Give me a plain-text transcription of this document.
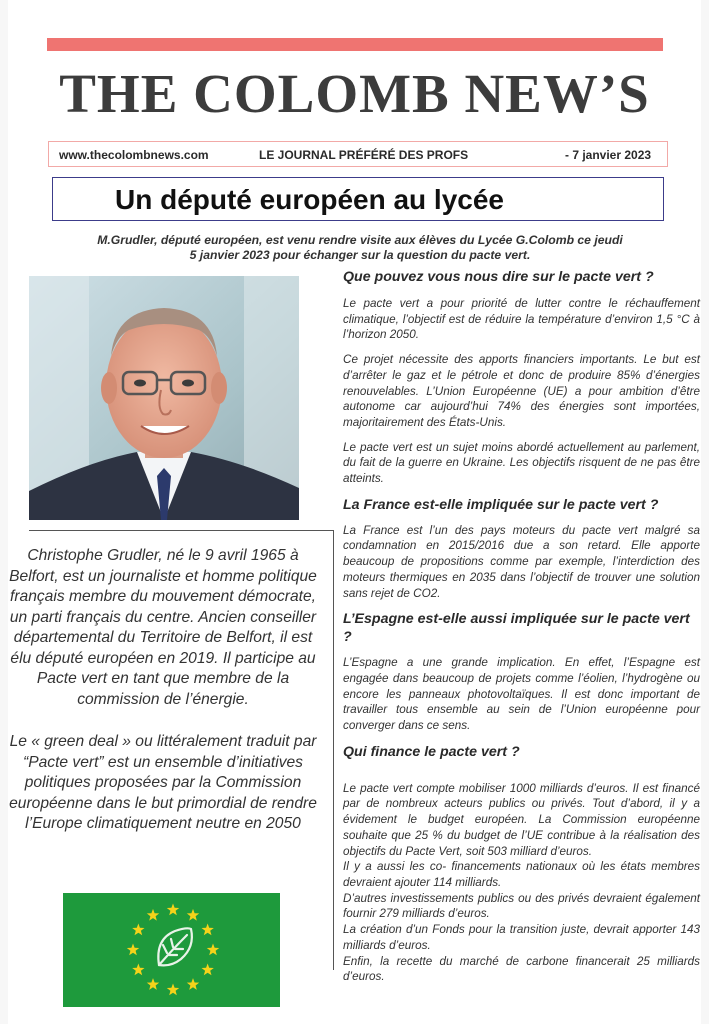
THE COLOMB NEW’S
www.thecolombnews.com	LE JOURNAL PRÉFÉRÉ DES PROFS	- 7 janvier 2023
Un député européen au lycée
M.Grudler, député européen, est venu rendre visite aux élèves du Lycée G.Colomb ce jeudi
5 janvier 2023 pour échanger sur la question du pacte vert.

Christophe Grudler, né le 9 avril 1965 à Belfort, est un journaliste et homme politique français membre du mouvement démocrate, un parti français du centre. Ancien conseiller départemental du Territoire de Belfort, il est élu député européen en 2019. Il participe au Pacte vert en tant que membre de la commission de l’énergie.

Le « green deal » ou littéralement traduit par “Pacte vert” est un ensemble d’initiatives politiques proposées par la Commission européenne dans le but primordial de rendre l’Europe climatiquement neutre en 2050

Que pouvez vous nous dire sur le pacte vert ?

Le pacte vert a pour priorité de lutter contre le réchauffement climatique, l’objectif est de réduire la température d’environ 1,5 °C à l’horizon 2050.

Ce projet nécessite des apports financiers importants. Le but est d’arrêter le gaz et le pétrole et donc de produire 85% d’énergies renouvelables. L’Union Européenne (UE) a pour ambition d’être autonome car aujourd’hui 74% des énergies sont importées, majoritairement des États-Unis.

Le pacte vert est un sujet moins abordé actuellement au parlement, du fait de la guerre en Ukraine. Les objectifs risquent de ne pas être atteints.

La France est-elle impliquée sur le pacte vert ?

La France est l’un des pays moteurs du pacte vert malgré sa condamnation en 2015/2016 due a son retard. Elle apporte beaucoup de propositions comme par exemple, l’interdiction des moteurs thermiques en 2035 dans l’objectif de trouver une solution sans rejet de CO2.

L’Espagne est-elle aussi impliquée sur le pacte vert ?

L’Espagne a une grande implication. En effet, l’Espagne est engagée dans beaucoup de projets comme l’éolien, l’hydrogène ou encore les panneaux photovoltaïques. Il est donc important de travailler tous ensemble au sein de l’Union européenne pour converger dans ce sens.

Qui finance le pacte vert ?

Le pacte vert compte mobiliser 1000 milliards d’euros. Il est financé par de nombreux acteurs publics ou privés. Tout d’abord, il y a évidement le budget européen. La Commission européenne souhaite que 25 % du budget de l’UE contribue à la réalisation des objectifs du Pacte Vert, soit 503 milliard d’euros.

Il y a aussi les co- financements nationaux où les états membres devraient ajouter 114 milliards.

D’autres investissements publics ou des privés devraient également fournir 279 milliards d’euros.

La création d’un Fonds pour la transition juste, devrait apporter 143 milliards d’euros.

Enfin, la recette du marché de carbone financerait 25 milliards d’euros.
